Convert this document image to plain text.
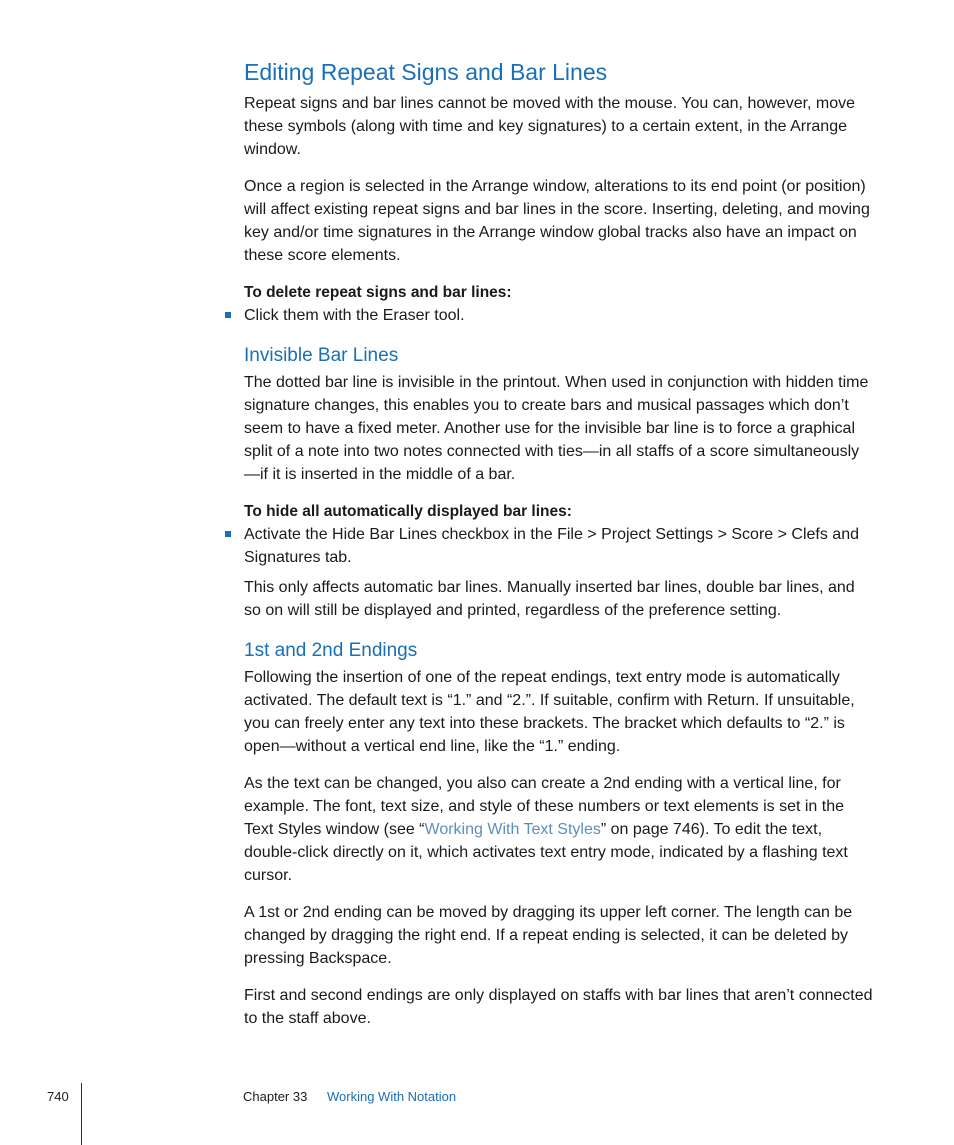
Editing Repeat Signs and Bar Lines

Repeat signs and bar lines cannot be moved with the mouse. You can, however, move these symbols (along with time and key signatures) to a certain extent, in the Arrange window.

Once a region is selected in the Arrange window, alterations to its end point (or position) will affect existing repeat signs and bar lines in the score. Inserting, deleting, and moving key and/or time signatures in the Arrange window global tracks also have an impact on these score elements.

To delete repeat signs and bar lines:

Click them with the Eraser tool.
Invisible Bar Lines

The dotted bar line is invisible in the printout. When used in conjunction with hidden time signature changes, this enables you to create bars and musical passages which don’t seem to have a fixed meter. Another use for the invisible bar line is to force a graphical split of a note into two notes connected with ties—in all staffs of a score simultaneously—if it is inserted in the middle of a bar.

To hide all automatically displayed bar lines:

Activate the Hide Bar Lines checkbox in the File > Project Settings > Score > Clefs and Signatures tab.

This only affects automatic bar lines. Manually inserted bar lines, double bar lines, and so on will still be displayed and printed, regardless of the preference setting.

1st and 2nd Endings

Following the insertion of one of the repeat endings, text entry mode is automatically activated. The default text is “1.” and “2.”. If suitable, confirm with Return. If unsuitable, you can freely enter any text into these brackets. The bracket which defaults to “2.” is open—without a vertical end line, like the “1.” ending.

As the text can be changed, you also can create a 2nd ending with a vertical line, for example. The font, text size, and style of these numbers or text elements is set in the Text Styles window (see “Working With Text Styles” on page 746). To edit the text, double-click directly on it, which activates text entry mode, indicated by a flashing text cursor.

A 1st or 2nd ending can be moved by dragging its upper left corner. The length can be changed by dragging the right end. If a repeat ending is selected, it can be deleted by pressing Backspace.

First and second endings are only displayed on staffs with bar lines that aren’t connected to the staff above.

740	Chapter 33 Working With Notation
